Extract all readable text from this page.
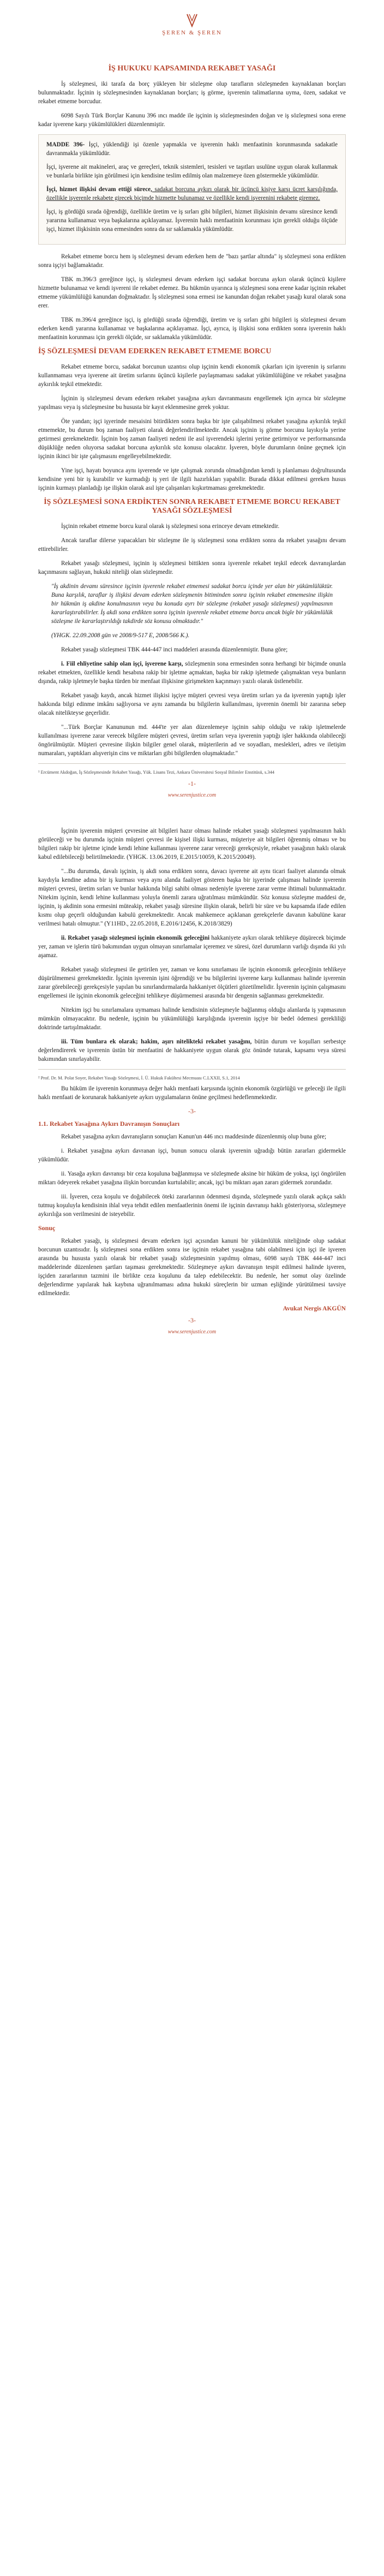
ŞEREN & ŞEREN
İŞ HUKUKU KAPSAMINDA REKABET YASAĞI

İş sözleşmesi, iki tarafa da borç yükleyen bir sözleşme olup tarafların sözleşmeden kaynaklanan borçları bulunmaktadır. İşçinin iş sözleşmesinden kaynaklanan borçları; iş görme, işverenin talimatlarına uyma, özen, sadakat ve rekabet etmeme borcudur.

6098 Sayılı Türk Borçlar Kanunu 396 ıncı madde ile işçinin iş sözleşmesinden doğan ve iş sözleşmesi sona erene kadar işverene karşı yükümlülükleri düzenlenmiştir.

MADDE 396- İşçi, yüklendiği işi özenle yapmakla ve işverenin haklı menfaatinin korunmasında sadakatle davranmakla yükümlüdür.

İşçi, işverene ait makineleri, araç ve gereçleri, teknik sistemleri, tesisleri ve taşıtları usulüne uygun olarak kullanmak ve bunlarla birlikte işin görülmesi için kendisine teslim edilmiş olan malzemeye özen göstermekle yükümlüdür.

İşçi, hizmet ilişkisi devam ettiği sürece, sadakat borcuna aykırı olarak bir üçüncü kişiye karşı ücret karşılığında, özellikle işverenle rekabete girecek biçimde hizmette bulunamaz ve özellikle kendi işverenini rekabete giremez.

İşçi, iş gördüğü sırada öğrendiği, özellikle üretim ve iş sırları gibi bilgileri, hizmet ilişkisinin devamı süresince kendi yararına kullanamaz veya başkalarına açıklayamaz. İşverenin haklı menfaatinin korunması için gerekli olduğu ölçüde işçi, hizmet ilişkisinin sona ermesinden sonra da sır saklamakla yükümlüdür.

Rekabet etmeme borcu hem iş sözleşmesi devam ederken hem de "bazı şartlar altında" iş sözleşmesi sona erdikten sonra işçiyi bağlamaktadır.

TBK m.396/3 gereğince işçi, iş sözleşmesi devam ederken işçi sadakat borcuna aykırı olarak üçüncü kişilere hizmette bulunamaz ve kendi işvereni ile rekabet edemez. Bu hükmün uyarınca iş sözleşmesi sona erene kadar işçinin rekabet etmeme yükümlülüğü kanundan doğmaktadır. İş sözleşmesi sona ermesi ise kanundan doğan rekabet yasağı kural olarak sona erer.

TBK m.396/4 gereğince işçi, iş gördüğü sırada öğrendiği, üretim ve iş sırları gibi bilgileri iş sözleşmesi devam ederken kendi yararına kullanamaz ve başkalarına açıklayamaz. İşçi, ayrıca, iş ilişkisi sona erdikten sonra işverenin haklı menfaatinin korunması için gerekli ölçüde, sır saklamakla yükümlüdür.

İŞ SÖZLEŞMESİ DEVAM EDERKEN REKABET ETMEME BORCU

Rekabet etmeme borcu, sadakat borcunun uzantısı olup işçinin kendi ekonomik çıkarları için işverenin iş sırlarını kullanmaması veya işverene ait üretim sırlarını üçüncü kişilerle paylaşmaması sadakat yükümlülüğüne ve rekabet yasağına aykırılık teşkil etmektedir.

İşçinin iş sözleşmesi devam ederken rekabet yasağına aykırı davranmasını engellemek için ayrıca bir sözleşme yapılması veya iş sözleşmesine bu hususta bir kayıt eklenmesine gerek yoktur.

Öte yandan; işçi işyerinde mesaisini bitirdikten sonra başka bir işte çalışabilmesi rekabet yasağına aykırılık teşkil etmemekte, bu durum boş zaman faaliyeti olarak değerlendirilmektedir. Ancak işçinin iş görme borcunu layıkıyla yerine getirmesi gerekmektedir. İşçinin boş zaman faaliyeti nedeni ile asıl işverendeki işlerini yerine getirmiyor ve performansında düşüklüğe neden oluyorsa sadakat borcuna aykırılık söz konusu olacaktır. İşveren, böyle durumların önüne geçmek için işçinin ikinci bir işte çalışmasını engelleyebilmektedir.

Yine işçi, hayatı boyunca aynı işverende ve işte çalışmak zorunda olmadığından kendi iş planlaması doğrultusunda kendisine yeni bir iş kurabilir ve kurmadığı iş yeri ile ilgili hazırlıkları yapabilir. Burada dikkat edilmesi gereken husus işçinin kurmayı planladığı işe ilişkin olarak asıl işte çalışanları kışkırtmaması gerekmektedir.

İŞ SÖZLEŞMESİ SONA ERDİKTEN SONRA REKABET ETMEME BORCU REKABET YASAĞI SÖZLEŞMESİ

İşçinin rekabet etmeme borcu kural olarak iş sözleşmesi sona erinceye devam etmektedir.

Ancak taraflar dilerse yapacakları bir sözleşme ile iş sözleşmesi sona erdikten sonra da rekabet yasağını devam ettirebilirler.

Rekabet yasağı sözleşmesi, işçinin iş sözleşmesi bittikten sonra işverenle rekabet teşkil edecek davranışlardan kaçınmasını sağlayan, hukuki niteliği olan sözleşmedir.

"İş akdinin devamı süresince işçinin işverenle rekabet etmemesi sadakat borcu içinde yer alan bir yükümlülüktür. Buna karşılık, taraflar iş ilişkisi devam ederken sözleşmenin bitiminden sonra işçinin rekabet etmemesine ilişkin bir hükmün iş akdine konulmasının veya bu konuda ayrı bir sözleşme (rekabet yasağı sözleşmesi) yapılmasının kararlaştırabilirler. İş akdi sona erdikten sonra işçinin işverenle rekabet etmeme borcu ancak bigle bir yükümlülük sözleşme ile kararlaştırıldığı takdirde söz konusu olmaktadır."

(YHGK. 22.09.2008 gün ve 2008/9-517 E, 2008/566 K.).

Rekabet yasağı sözleşmesi TBK 444-447 inci maddeleri arasında düzenlenmiştir. Buna göre;

i. Fiil ehliyetine sahip olan işçi, işverene karşı, sözleşmenin sona ermesinden sonra herhangi bir biçimde onunla rekabet etmekten, özellikle kendi hesabına rakip bir işletme açmaktan, başka bir rakip işletmede çalışmaktan veya bunların dışında, rakip işletmeyle başka türden bir menfaat ilişkisine girişmekten kaçınmayı yazılı olarak üstlenebilir.

Rekabet yasağı kaydı, ancak hizmet ilişkisi işçiye müşteri çevresi veya üretim sırları ya da işverenin yaptığı işler hakkında bilgi edinme imkânı sağlıyorsa ve aynı zamanda bu bilgilerin kullanılması, işverenin önemli bir zararına sebep olacak nitelikteyse geçerlidir.

"...Türk Borçlar Kanununun md. 444'te yer alan düzenlemeye işçinin sahip olduğu ve rakip işletmelerde kullanılması işverene zarar verecek bilgilere müşteri çevresi, üretim sırları veya işverenin yaptığı işler hakkında olabileceği öngörülmüştür. Müşteri çevresine ilişkin bilgiler genel olarak, müşterilerin ad ve soyadları, meslekleri, adres ve iletişim numaraları, yaptıkları alışverişin cins ve miktarları gibi bilgilerden oluşmaktadır."

¹ Ercüment Akdoğan, İş Sözleşmesinde Rekabet Yasağı, Yük. Lisans Tezi, Ankara Üniversitesi Sosyal Bilimler Enstitüsü, s.344

-1-
www.serenjustice.com

İşçinin işverenin müşteri çevresine ait bilgileri hazır olması halinde rekabet yasağı sözleşmesi yapılmasının haklı görüleceği ve bu durumda işçinin müşteri çevresi ile kişisel ilişki kurması, müşteriye ait bilgileri öğrenmiş olması ve bu bilgileri rakip bir işletme içinde kendi lehine kullanması işverene zarar vereceği gerekçesiyle, rekabet yasağının haklı olarak kabul edilebileceği belirtilmektedir. (YHGK. 13.06.2019, E.2015/10059, K.2015/20049).

"...Bu durumda, davalı işçinin, iş akdi sona erdikten sonra, davacı işverene ait aynı ticari faaliyet alanında olmak kaydıyla kendine adına bir iş kurması veya aynı alanda faaliyet gösteren başka bir işyerinde çalışması halinde işverenin müşteri çevresi, üretim sırları ve bunlar hakkında bilgi sahibi olması nedeniyle işverene zarar verme ihtimali bulunmaktadır. Nitekim işçinin, kendi lehine kullanması yoluyla önemli zarara uğratılması mümkündür. Söz konusu sözleşme maddesi de, işçinin, iş akdinin sona ermesini müteakip, rekabet yasağı süresine ilişkin olarak, belirli bir süre ve bu kapsamda ifade edilen kısmı olup geçerli olduğundan kabulü gerekmektedir. Ancak mahkemece açıklanan gerekçelerle davanın kabulüne karar verilmesi hatalı olmuştur." (Y11HD., 22.05.2018, E.2016/12456, K.2018/3829)

ii. Rekabet yasağı sözleşmesi işçinin ekonomik geleceğini hakkaniyete aykırı olarak tehlikeye düşürecek biçimde yer, zaman ve işlerin türü bakımından uygun olmayan sınırlamalar içeremez ve süresi, özel durumların varlığı dışında iki yılı aşamaz.

Rekabet yasağı sözleşmesi ile getirilen yer, zaman ve konu sınırlaması ile işçinin ekonomik geleceğinin tehlikeye düşürülmemesi gerekmektedir. İşçinin işverenin işini öğrendiği ve bu bilgilerini işverene karşı kullanması halinde işverenin zarar görebileceği gerekçesiyle yapılan bu sınırlandırmalarda hakkaniyet ölçütleri gözetilmelidir. İşverenin işçinin çalışmasını engellemesi ile işçinin ekonomik geleceğini tehlikeye düşürmemesi arasında bir dengenin sağlanması gerekmektedir.

Nitekim işçi bu sınırlamalara uymaması halinde kendisinin sözleşmeyle bağlanmış olduğu alanlarda iş yapmasının mümkün olmayacaktır. Bu nedenle, işçinin bu yükümlülüğü karşılığında işverenin işçiye bir bedel ödemesi gerekliliği doktrinde tartışılmaktadır.

iii. Tüm bunlara ek olarak; hakim, aşırı nitelikteki rekabet yasağını, bütün durum ve koşulları serbestçe değerlendirerek ve işverenin üstün bir menfaatini de hakkaniyete uygun olarak göz önünde tutarak, kapsamı veya süresi bakımından sınırlayabilir.

² Prof. Dr. M. Polat Soyer, Rekabet Yasağı Sözleşmesi, İ. Ü. Hukuk Fakültesi Mecmuası C.LXXII, S.1, 2014

Bu hüküm ile işverenin korunmaya değer haklı menfaati karşısında işçinin ekonomik özgürlüğü ve geleceği ile ilgili haklı menfaati de korunarak hakkaniyete aykırı uygulamaların önüne geçilmesi hedeflenmektedir.

-3-
1.1. Rekabet Yasağına Aykırı Davranışın Sonuçları

Rekabet yasağına aykırı davranışların sonuçları Kanun'un 446 ıncı maddesinde düzenlenmiş olup buna göre;

i. Rekabet yasağına aykırı davranan işçi, bunun sonucu olarak işverenin uğradığı bütün zararları gidermekle yükümlüdür.

ii. Yasağa aykırı davranışı bir ceza koşuluna bağlanmışsa ve sözleşmede aksine bir hüküm de yoksa, işçi öngörülen miktarı ödeyerek rekabet yasağına ilişkin borcundan kurtulabilir; ancak, işçi bu miktarı aşan zararı gidermek zorundadır.

iii. İşveren, ceza koşulu ve doğabilecek öteki zararlarının ödenmesi dışında, sözleşmede yazılı olarak açıkça saklı tutmuş koşuluyla kendisinin ihlal veya tehdit edilen menfaatlerinin önemi ile işçinin davranışı haklı gösteriyorsa, sözleşmeye aykırılığa son verilmesini de isteyebilir.

Sonuç

Rekabet yasağı, iş sözleşmesi devam ederken işçi açısından kanuni bir yükümlülük niteliğinde olup sadakat borcunun uzantısıdır. İş sözleşmesi sona erdikten sonra ise işçinin rekabet yasağına tabi olabilmesi için işçi ile işveren arasında bu hususta yazılı olarak bir rekabet yasağı sözleşmesinin yapılmış olması, 6098 sayılı TBK 444-447 inci maddelerinde düzenlenen şartları taşıması gerekmektedir. Sözleşmeye aykırı davranışın tespit edilmesi halinde işveren, işçiden zararlarının tazmini ile birlikte ceza koşulunu da talep edebilecektir. Bu nedenle, her somut olay özelinde değerlendirme yapılarak hak kaybına uğranılmaması adına hukuki süreçlerin bir uzman eşliğinde yürütülmesi tavsiye edilmektedir.

Avukat Nergis AKGÜN
-3-
www.serenjustice.com
